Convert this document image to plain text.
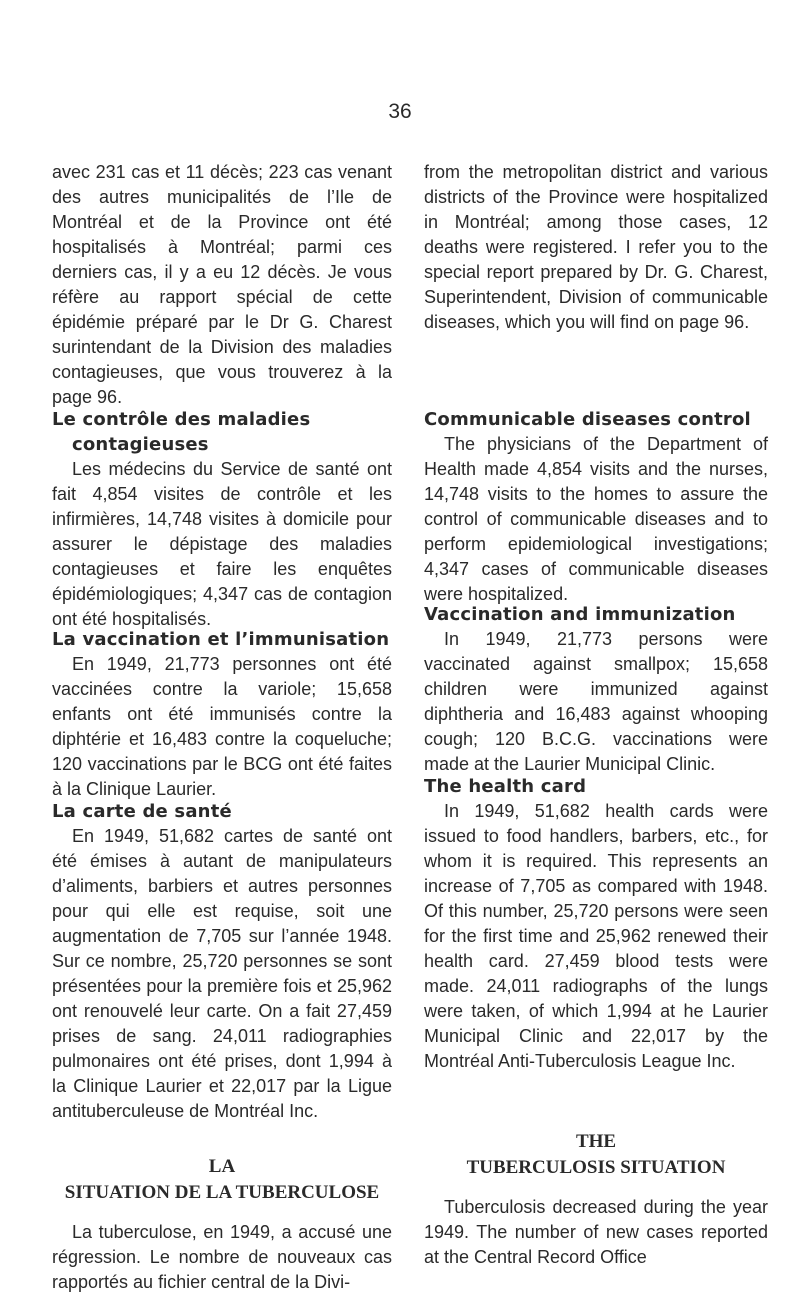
36

avec 231 cas et 11 décès; 223 cas venant des autres municipalités de l’Ile de Montréal et de la Province ont été hospitalisés à Montréal; parmi ces derniers cas, il y a eu 12 décès. Je vous réfère au rapport spécial de cette épidémie préparé par le Dr G. Charest surintendant de la Division des maladies contagieuses, que vous trouverez à la page 96.

Le contrôle des maladies
contagieuses

Les médecins du Service de santé ont fait 4,854 visites de contrôle et les infirmières, 14,748 visites à domicile pour assurer le dépistage des maladies contagieuses et faire les enquêtes épidémiologiques; 4,347 cas de contagion ont été hospitalisés.

La vaccination et l’immunisation

En 1949, 21,773 personnes ont été vaccinées contre la variole; 15,658 enfants ont été immunisés contre la diphtérie et 16,483 contre la coqueluche; 120 vaccinations par le BCG ont été faites à la Clinique Laurier.

La carte de santé

En 1949, 51,682 cartes de santé ont été émises à autant de manipulateurs d’aliments, barbiers et autres personnes pour qui elle est requise, soit une augmentation de 7,705 sur l’année 1948. Sur ce nombre, 25,720 personnes se sont présentées pour la première fois et 25,962 ont renouvelé leur carte. On a fait 27,459 prises de sang. 24,011 radiographies pulmonaires ont été prises, dont 1,994 à la Clinique Laurier et 22,017 par la Ligue antituberculeuse de Montréal Inc.

LA
SITUATION DE LA TUBERCULOSE

La tuberculose, en 1949, a accusé une régression. Le nombre de nouveaux cas rapportés au fichier central de la Divi-

from the metropolitan district and various districts of the Province were hospitalized in Montréal; among those cases, 12 deaths were registered. I refer you to the special report prepared by Dr. G. Charest, Superintendent, Division of communicable diseases, which you will find on page 96.

Communicable diseases control

The physicians of the Department of Health made 4,854 visits and the nurses, 14,748 visits to the homes to assure the control of communicable diseases and to perform epidemiological investigations; 4,347 cases of communicable diseases were hospitalized.

Vaccination and immunization

In 1949, 21,773 persons were vaccinated against smallpox; 15,658 children were immunized against diphtheria and 16,483 against whooping cough; 120 B.C.G. vaccinations were made at the Laurier Municipal Clinic.

The health card

In 1949, 51,682 health cards were issued to food handlers, barbers, etc., for whom it is required. This represents an increase of 7,705 as compared with 1948. Of this number, 25,720 persons were seen for the first time and 25,962 renewed their health card. 27,459 blood tests were made. 24,011 radiographs of the lungs were taken, of which 1,994 at he Laurier Municipal Clinic and 22,017 by the Montréal Anti-Tuberculosis League Inc.

THE
TUBERCULOSIS SITUATION

Tuberculosis decreased during the year 1949. The number of new cases reported at the Central Record Office
